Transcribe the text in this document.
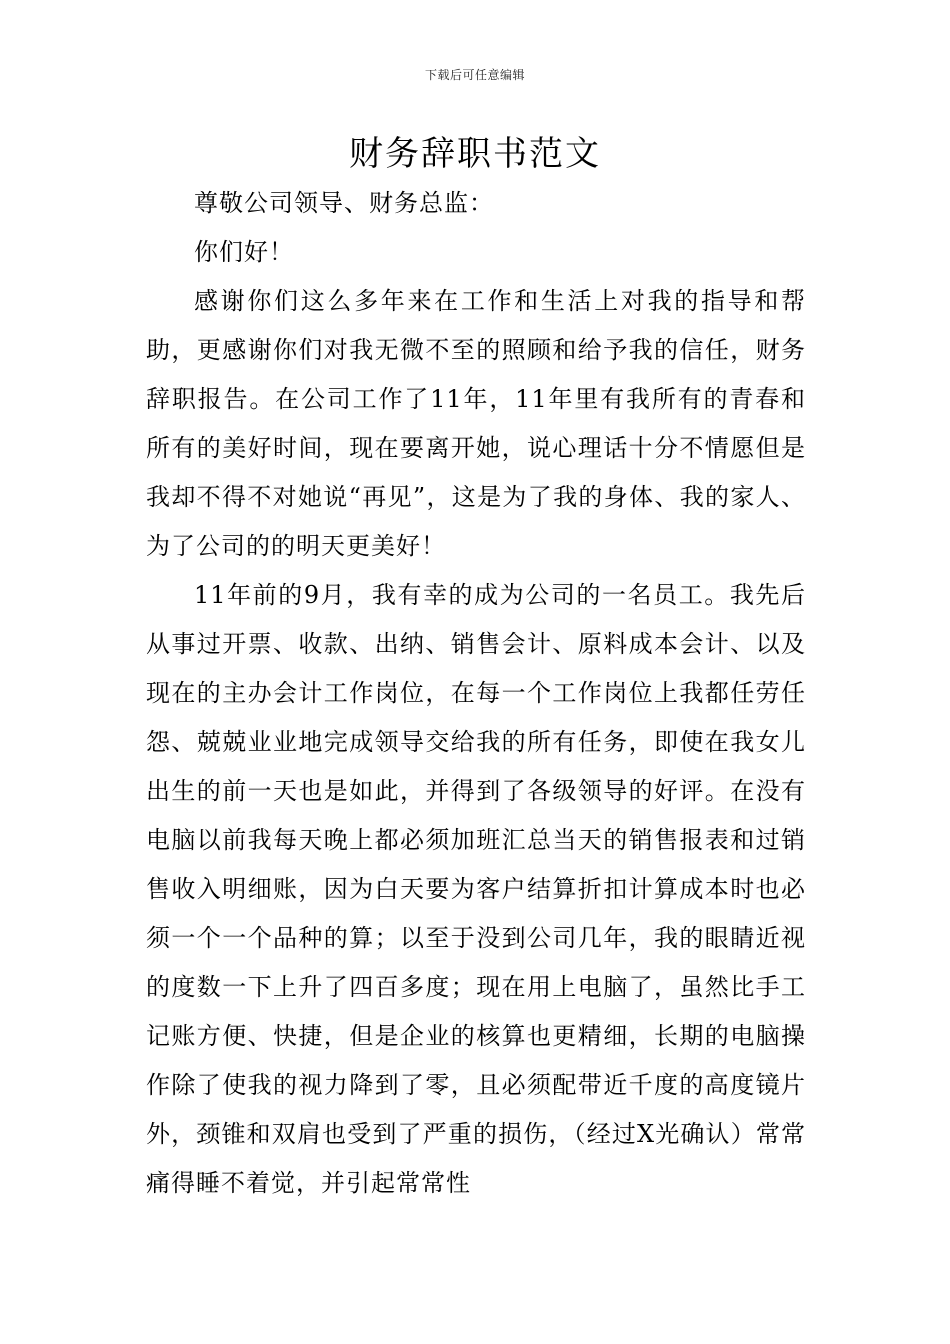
下载后可任意编辑
财务辞职书范文

尊敬公司领导、财务总监：

你们好！

感谢你们这么多年来在工作和生活上对我的指导和帮助，更感谢你们对我无微不至的照顾和给予我的信任，财务辞职报告。在公司工作了11年，11年里有我所有的青春和所有的美好时间，现在要离开她，说心理话十分不情愿但是我却不得不对她说“再见”，这是为了我的身体、我的家人、为了公司的的明天更美好！

11年前的9月，我有幸的成为公司的一名员工。我先后从事过开票、收款、出纳、销售会计、原料成本会计、以及现在的主办会计工作岗位，在每一个工作岗位上我都任劳任怨、兢兢业业地完成领导交给我的所有任务，即使在我女儿出生的前一天也是如此，并得到了各级领导的好评。在没有电脑以前我每天晚上都必须加班汇总当天的销售报表和过销售收入明细账，因为白天要为客户结算折扣计算成本时也必须一个一个品种的算；以至于没到公司几年，我的眼睛近视的度数一下上升了四百多度；现在用上电脑了，虽然比手工记账方便、快捷，但是企业的核算也更精细，长期的电脑操作除了使我的视力降到了零，且必须配带近千度的高度镜片外，颈锥和双肩也受到了严重的损伤，（经过X光确认）常常痛得睡不着觉，并引起常常性
